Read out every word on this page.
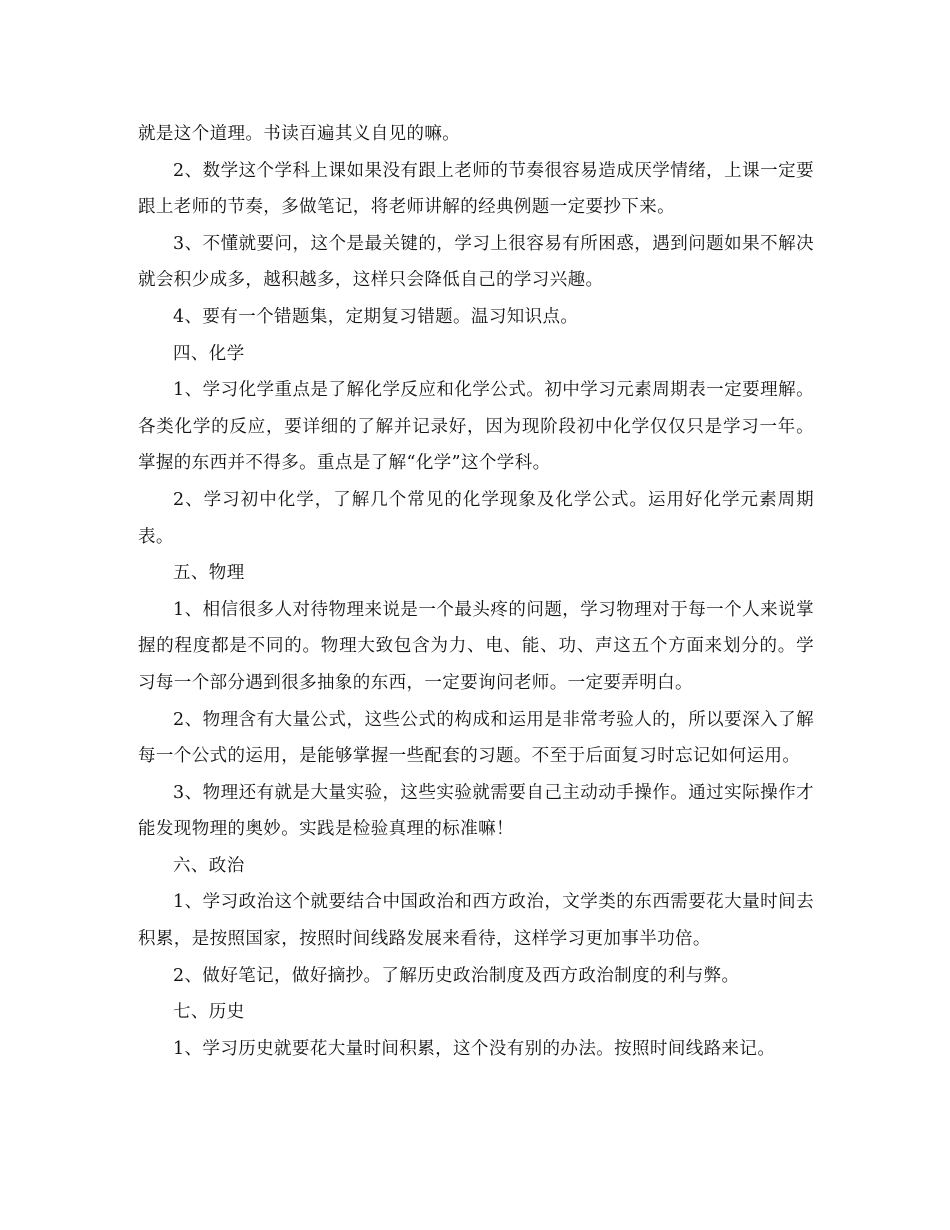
就是这个道理。书读百遍其义自见的嘛。

2、数学这个学科上课如果没有跟上老师的节奏很容易造成厌学情绪，上课一定要跟上老师的节奏，多做笔记，将老师讲解的经典例题一定要抄下来。

3、不懂就要问，这个是最关键的，学习上很容易有所困惑，遇到问题如果不解决就会积少成多，越积越多，这样只会降低自己的学习兴趣。

4、要有一个错题集，定期复习错题。温习知识点。

四、化学

1、学习化学重点是了解化学反应和化学公式。初中学习元素周期表一定要理解。各类化学的反应，要详细的了解并记录好，因为现阶段初中化学仅仅只是学习一年。掌握的东西并不得多。重点是了解“化学”这个学科。

2、学习初中化学，了解几个常见的化学现象及化学公式。运用好化学元素周期表。

五、物理

1、相信很多人对待物理来说是一个最头疼的问题，学习物理对于每一个人来说掌握的程度都是不同的。物理大致包含为力、电、能、功、声这五个方面来划分的。学习每一个部分遇到很多抽象的东西，一定要询问老师。一定要弄明白。

2、物理含有大量公式，这些公式的构成和运用是非常考验人的，所以要深入了解每一个公式的运用，是能够掌握一些配套的习题。不至于后面复习时忘记如何运用。

3、物理还有就是大量实验，这些实验就需要自己主动动手操作。通过实际操作才能发现物理的奥妙。实践是检验真理的标准嘛！

六、政治

1、学习政治这个就要结合中国政治和西方政治，文学类的东西需要花大量时间去积累，是按照国家，按照时间线路发展来看待，这样学习更加事半功倍。

2、做好笔记，做好摘抄。了解历史政治制度及西方政治制度的利与弊。

七、历史

1、学习历史就要花大量时间积累，这个没有别的办法。按照时间线路来记。
